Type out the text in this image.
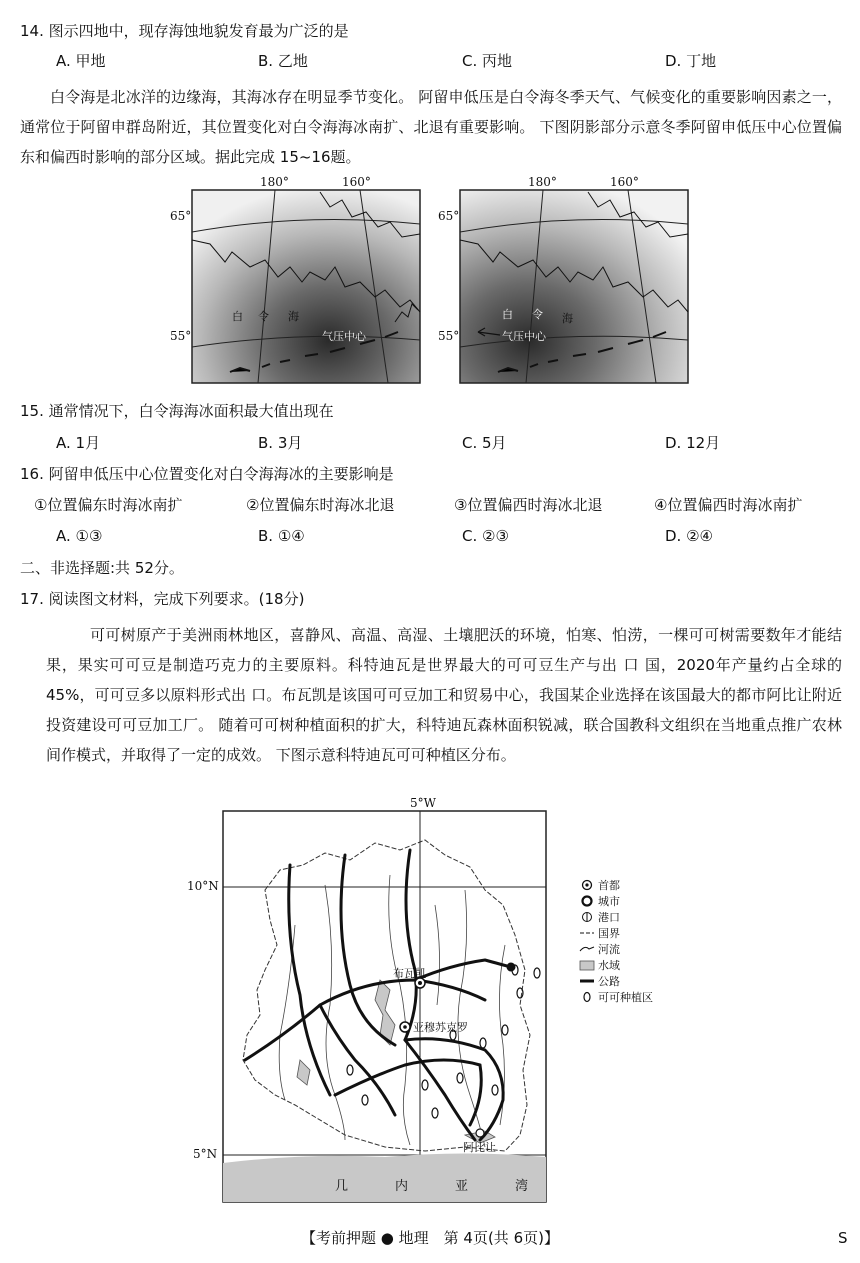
14. 图示四地中，现存海蚀地貌发育最为广泛的是
A. 甲地	B. 乙地	C. 丙地	D. 丁地
白令海是北冰洋的边缘海，其海冰存在明显季节变化。 阿留申低压是白令海冬季天气、气候变化的重要影响因素之一，通常位于阿留申群岛附近，其位置变化对白令海海冰南扩、北退有重要影响。 下图阴影部分示意冬季阿留申低压中心位置偏东和偏西时影响的部分区域。据此完成 15~16题。
180°	160°
65°
55°
180°	160°
65°
55°
白 令 海
气压中心
白 令 海
气压中心
15. 通常情况下，白令海海冰面积最大值出现在
A. 1月	B. 3月	C. 5月	D. 12月
16. 阿留申低压中心位置变化对白令海海冰的主要影响是
①位置偏东时海冰南扩	②位置偏东时海冰北退	③位置偏西时海冰北退	④位置偏西时海冰南扩
A. ①③	B. ①④	C. ②③	D. ②④
二、非选择题:共 52分。
17. 阅读图文材料，完成下列要求。(18分)
可可树原产于美洲雨林地区，喜静风、高温、高湿、土壤肥沃的环境，怕寒、怕涝，一棵可可树需要数年才能结果，果实可可豆是制造巧克力的主要原料。科特迪瓦是世界最大的可可豆生产与出 口 国，2020年产量约占全球的 45%，可可豆多以原料形式出 口。布瓦凯是该国可可豆加工和贸易中心，我国某企业选择在该国最大的都市阿比让附近投资建设可可豆加工厂。 随着可可树种植面积的扩大，科特迪瓦森林面积锐减，联合国教科文组织在当地重点推广农林间作模式，并取得了一定的成效。 下图示意科特迪瓦可可种植区分布。
布瓦凯
亚穆苏克罗
阿比让
5°W
10°N
5°N
几	内	亚	湾
首都
城市
港口
国界
河流
水域
公路
可可种植区
【考前押题 ● 地理　第 4页(共 6页)】	S
